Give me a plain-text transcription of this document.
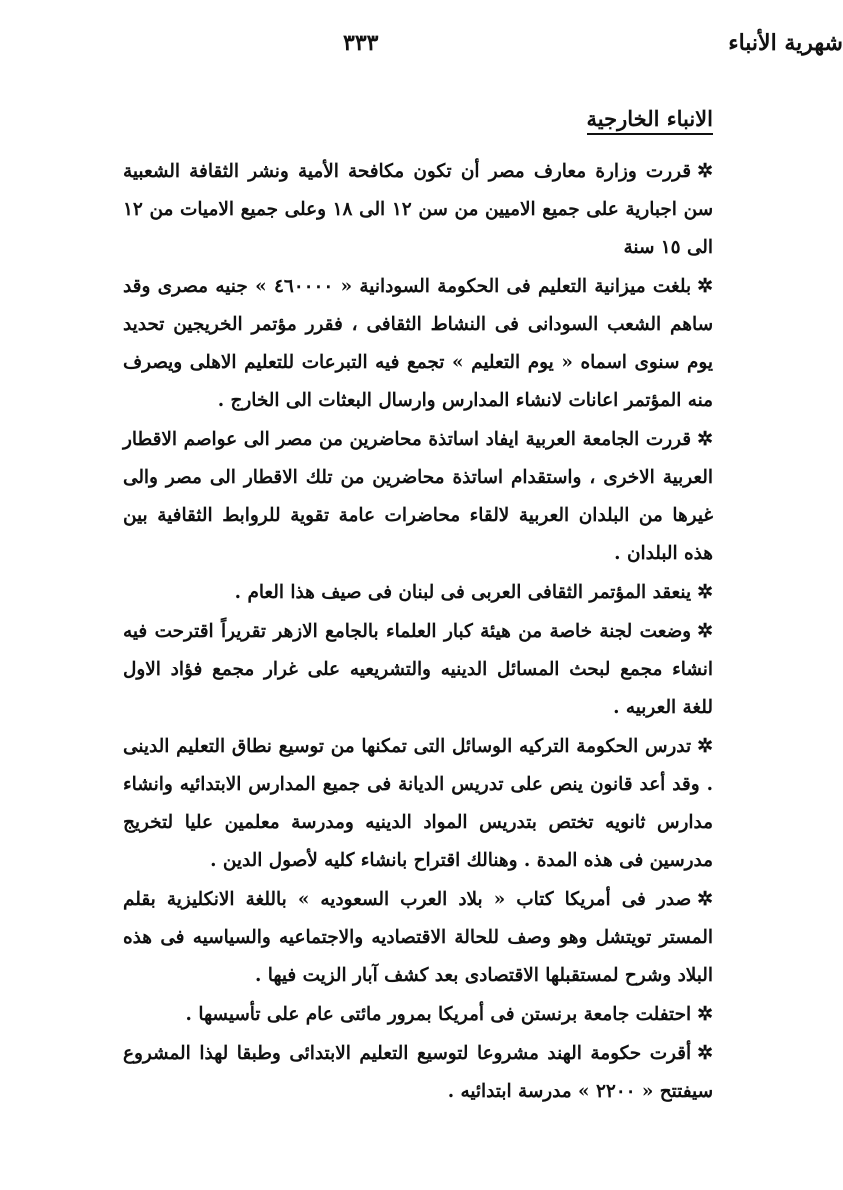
٣٣٣	شهرية الأنباء
الانباء الخارجية

✲قررت وزارة معارف مصر أن تكون مكافحة الأمية ونشر الثقافة الشعبية سن اجبارية على جميع الاميين من سن ١٢ الى ١٨ وعلى جميع الاميات من ١٢ الى ١٥ سنة

✲بلغت ميزانية التعليم فى الحكومة السودانية « ٤٦٠٠٠٠ » جنيه مصرى وقد ساهم الشعب السودانى فى النشاط الثقافى ، فقرر مؤتمر الخريجين تحديد يوم سنوى اسماه « يوم التعليم » تجمع فيه التبرعات للتعليم الاهلى ويصرف منه المؤتمر اعانات لانشاء المدارس وارسال البعثات الى الخارج .

✲قررت الجامعة العربية ايفاد اساتذة محاضرين من مصر الى عواصم الاقطار العربية الاخرى ، واستقدام اساتذة محاضرين من تلك الاقطار الى مصر والى غيرها من البلدان العربية لالقاء محاضرات عامة تقوية للروابط الثقافية بين هذه البلدان .

✲ينعقد المؤتمر الثقافى العربى فى لبنان فى صيف هذا العام .

✲وضعت لجنة خاصة من هيئة كبار العلماء بالجامع الازهر تقريراً اقترحت فيه انشاء مجمع لبحث المسائل الدينيه والتشريعيه على غرار مجمع فؤاد الاول للغة العربيه .

✲تدرس الحكومة التركيه الوسائل التى تمكنها من توسيع نطاق التعليم الدينى . وقد أعد قانون ينص على تدريس الديانة فى جميع المدارس الابتدائيه وانشاء مدارس ثانويه تختص بتدريس المواد الدينيه ومدرسة معلمين عليا لتخريج مدرسين فى هذه المدة . وهنالك اقتراح بانشاء كليه لأصول الدين .

✲صدر فى أمريكا كتاب « بلاد العرب السعوديه » باللغة الانكليزية بقلم المستر تويتشل وهو وصف للحالة الاقتصاديه والاجتماعيه والسياسيه فى هذه البلاد وشرح لمستقبلها الاقتصادى بعد كشف آبار الزيت فيها .

✲احتفلت جامعة برنستن فى أمريكا بمرور مائتى عام على تأسيسها .

✲أقرت حكومة الهند مشروعا لتوسيع التعليم الابتدائى وطبقا لهذا المشروع سيفتتح « ٢٢٠٠ » مدرسة ابتدائيه .
